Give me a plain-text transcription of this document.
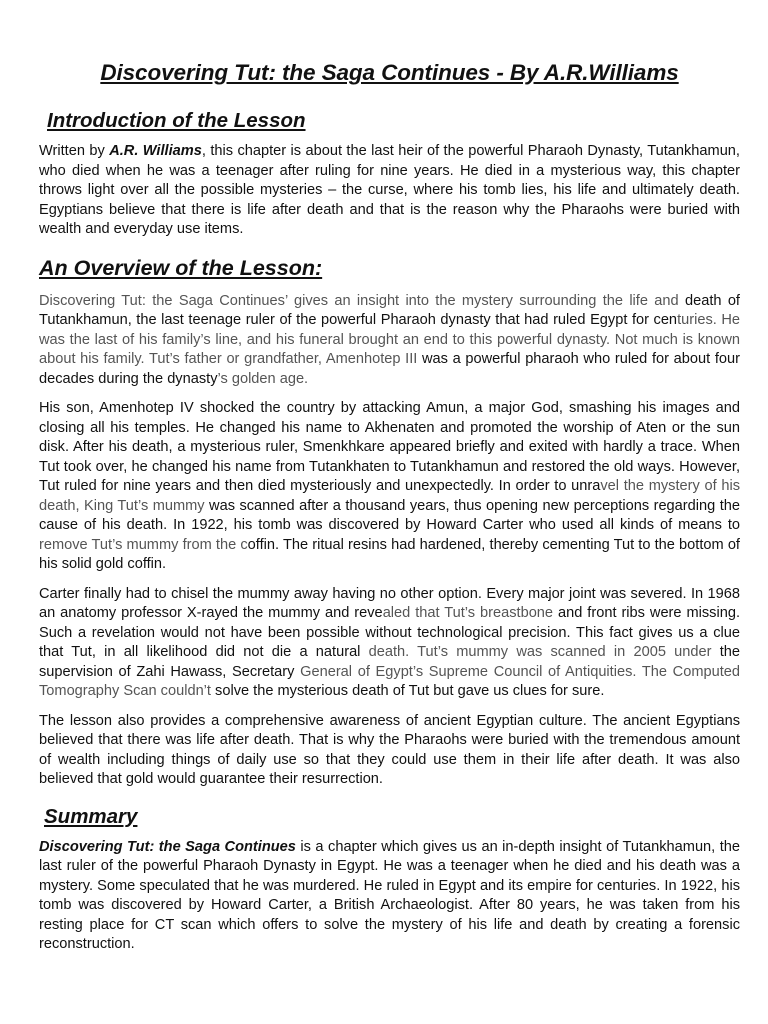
Discovering Tut: the Saga Continues - By A.R.Williams
Introduction of the Lesson

Written by A.R. Williams, this chapter is about the last heir of the powerful Pharaoh Dynasty, Tutankhamun, who died when he was a teenager after ruling for nine years. He died in a mysterious way, this chapter throws light over all the possible mysteries – the curse, where his tomb lies, his life and ultimately death. Egyptians believe that there is life after death and that is the reason why the Pharaohs were buried with wealth and everyday use items.

An Overview of the Lesson:

Discovering Tut: the Saga Continues’ gives an insight into the mystery surrounding the life and death of Tutankhamun, the last teenage ruler of the powerful Pharaoh dynasty that had ruled Egypt for centuries. He was the last of his family’s line, and his funeral brought an end to this powerful dynasty. Not much is known about his family. Tut’s father or grandfather, Amenhotep III was a powerful pharaoh who ruled for about four decades during the dynasty’s golden age.

His son, Amenhotep IV shocked the country by attacking Amun, a major God, smashing his images and closing all his temples. He changed his name to Akhenaten and promoted the worship of Aten or the sun disk. After his death, a mysterious ruler, Smenkhkare appeared briefly and exited with hardly a trace. When Tut took over, he changed his name from Tutankhaten to Tutankhamun and restored the old ways. However, Tut ruled for nine years and then died mysteriously and unexpectedly. In order to unravel the mystery of his death, King Tut’s mummy was scanned after a thousand years, thus opening new perceptions regarding the cause of his death. In 1922, his tomb was discovered by Howard Carter who used all kinds of means to remove Tut’s mummy from the coffin. The ritual resins had hardened, thereby cementing Tut to the bottom of his solid gold coffin.

Carter finally had to chisel the mummy away having no other option. Every major joint was severed. In 1968 an anatomy professor X-rayed the mummy and revealed that Tut’s breastbone and front ribs were missing. Such a revelation would not have been possible without technological precision. This fact gives us a clue that Tut, in all likelihood did not die a natural death. Tut’s mummy was scanned in 2005 under the supervision of Zahi Hawass, Secretary General of Egypt’s Supreme Council of Antiquities. The Computed Tomography Scan couldn’t solve the mysterious death of Tut but gave us clues for sure.

The lesson also provides a comprehensive awareness of ancient Egyptian culture. The ancient Egyptians believed that there was life after death. That is why the Pharaohs were buried with the tremendous amount of wealth including things of daily use so that they could use them in their life after death. It was also believed that gold would guarantee their resurrection.

Summary

Discovering Tut: the Saga Continues is a chapter which gives us an in-depth insight of Tutankhamun, the last ruler of the powerful Pharaoh Dynasty in Egypt. He was a teenager when he died and his death was a mystery. Some speculated that he was murdered. He ruled in Egypt and its empire for centuries. In 1922, his tomb was discovered by Howard Carter, a British Archaeologist. After 80 years, he was taken from his resting place for CT scan which offers to solve the mystery of his life and death by creating a forensic reconstruction.
